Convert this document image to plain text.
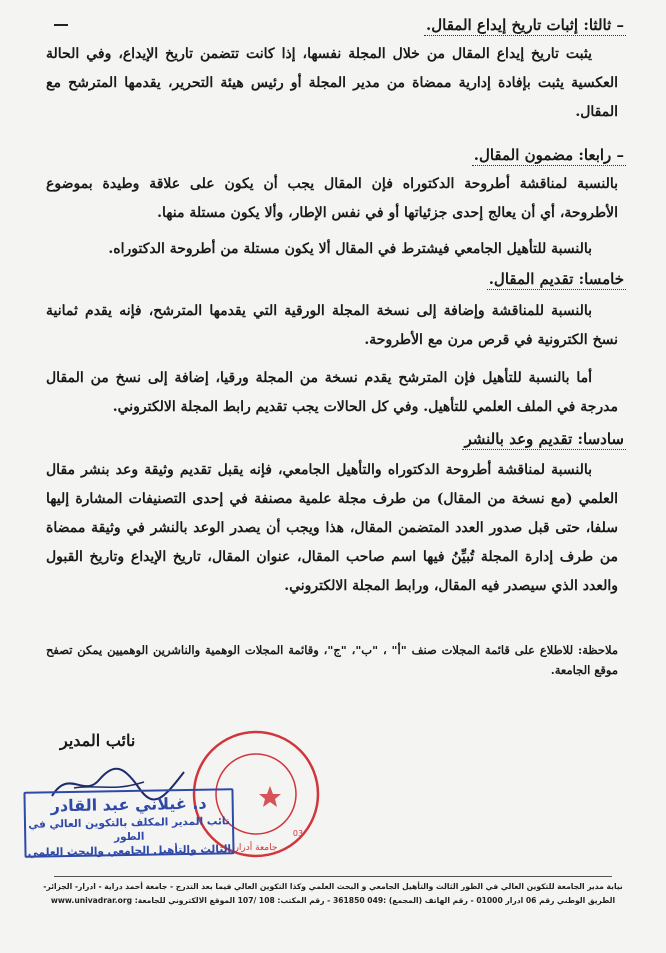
– ثالثا: إثبات تاريخ إيداع المقال.
يثبت تاريخ إيداع المقال من خلال المجلة نفسها، إذا كانت تتضمن تاريخ الإيداع، وفي الحالة العكسية يثبت بإفادة إدارية ممضاة من مدير المجلة أو رئيس هيئة التحرير، يقدمها المترشح مع المقال.
– رابعا: مضمون المقال.
بالنسبة لمناقشة أطروحة الدكتوراه فإن المقال يجب أن يكون على علاقة وطيدة بموضوع الأطروحة، أي أن يعالج إحدى جزئياتها أو في نفس الإطار، وألا يكون مستلة منها.
بالنسبة للتأهيل الجامعي فيشترط في المقال ألا يكون مستلة من أطروحة الدكتوراه.
خامسا: تقديم المقال.
بالنسبة للمناقشة وإضافة إلى نسخة المجلة الورقية التي يقدمها المترشح، فإنه يقدم ثمانية نسخ الكترونية في قرص مرن مع الأطروحة.
أما بالنسبة للتأهيل فإن المترشح يقدم نسخة من المجلة ورقيا، إضافة إلى نسخ من المقال مدرجة في الملف العلمي للتأهيل. وفي كل الحالات يجب تقديم رابط المجلة الالكتروني.
سادسا: تقديم وعد بالنشر
بالنسبة لمناقشة أطروحة الدكتوراه والتأهيل الجامعي، فإنه يقبل تقديم وثيقة وعد بنشر مقال العلمي (مع نسخة من المقال) من طرف مجلة علمية مصنفة في إحدى التصنيفات المشارة إليها سلفا، حتى قبل صدور العدد المتضمن المقال، هذا ويجب أن يصدر الوعد بالنشر في وثيقة ممضاة من طرف إدارة المجلة تُبيِّنُ فيها اسم صاحب المقال، عنوان المقال، تاريخ الإيداع وتاريخ القبول والعدد الذي سيصدر فيه المقال، ورابط المجلة الالكتروني.
ملاحظة: للاطلاع على قائمة المجلات صنف "أ" ، "ب"، "ج"، وقائمة المجلات الوهمية والناشرين الوهميين يمكن تصفح موقع الجامعة.
نائب المدير
جامعة أدرار
03
د. غيلاني عبد القادر
نائب المدير المكلف بالتكوين العالي في الطور
الثالث والتأهيل الجامعي والبحث العلمي
نيابة مدير الجامعة للتكوين العالي في الطور الثالث والتأهيل الجامعي و البحث العلمي وكذا التكوين العالي فيما بعد التدرج - جامعة أحمد دراية - ادرار- الجزائر-
الطريق الوطني رقم 06 ادرار 01000 - رقم الهاتف (المجمع) :049 361850 - رقم المكتب: 108 /107 الموقع الالكتروني للجامعة: www.univadrar.org
